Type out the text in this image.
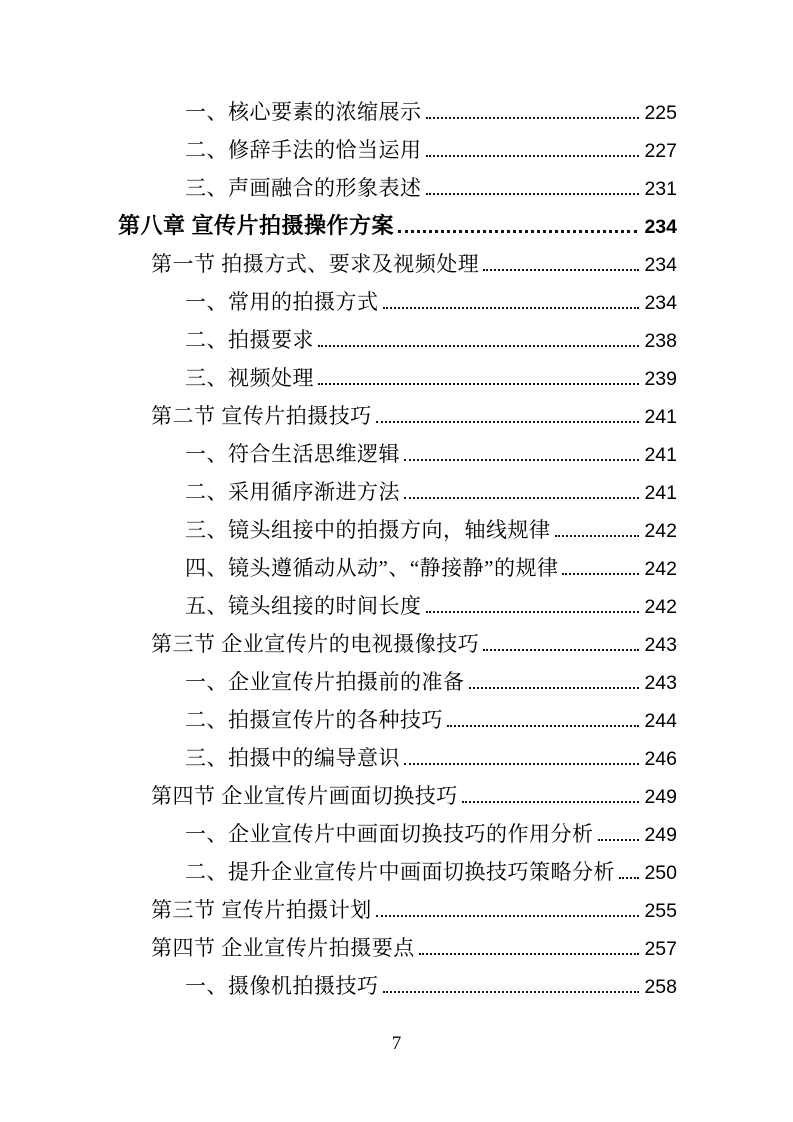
一、核心要素的浓缩展示	225
二、修辞手法的恰当运用	227
三、声画融合的形象表述	231
第八章 宣传片拍摄操作方案	234
第一节 拍摄方式、要求及视频处理	234
一、常用的拍摄方式	234
二、拍摄要求	238
三、视频处理	239
第二节 宣传片拍摄技巧	241
一、符合生活思维逻辑	241
二、采用循序渐进方法	241
三、镜头组接中的拍摄方向，轴线规律	242
四、镜头遵循动从动”、“静接静”的规律	242
五、镜头组接的时间长度	242
第三节 企业宣传片的电视摄像技巧	243
一、企业宣传片拍摄前的准备	243
二、拍摄宣传片的各种技巧	244
三、拍摄中的编导意识	246
第四节 企业宣传片画面切换技巧	249
一、企业宣传片中画面切换技巧的作用分析	249
二、提升企业宣传片中画面切换技巧策略分析 250
第三节 宣传片拍摄计划	255
第四节 企业宣传片拍摄要点	257
一、摄像机拍摄技巧	258
7
